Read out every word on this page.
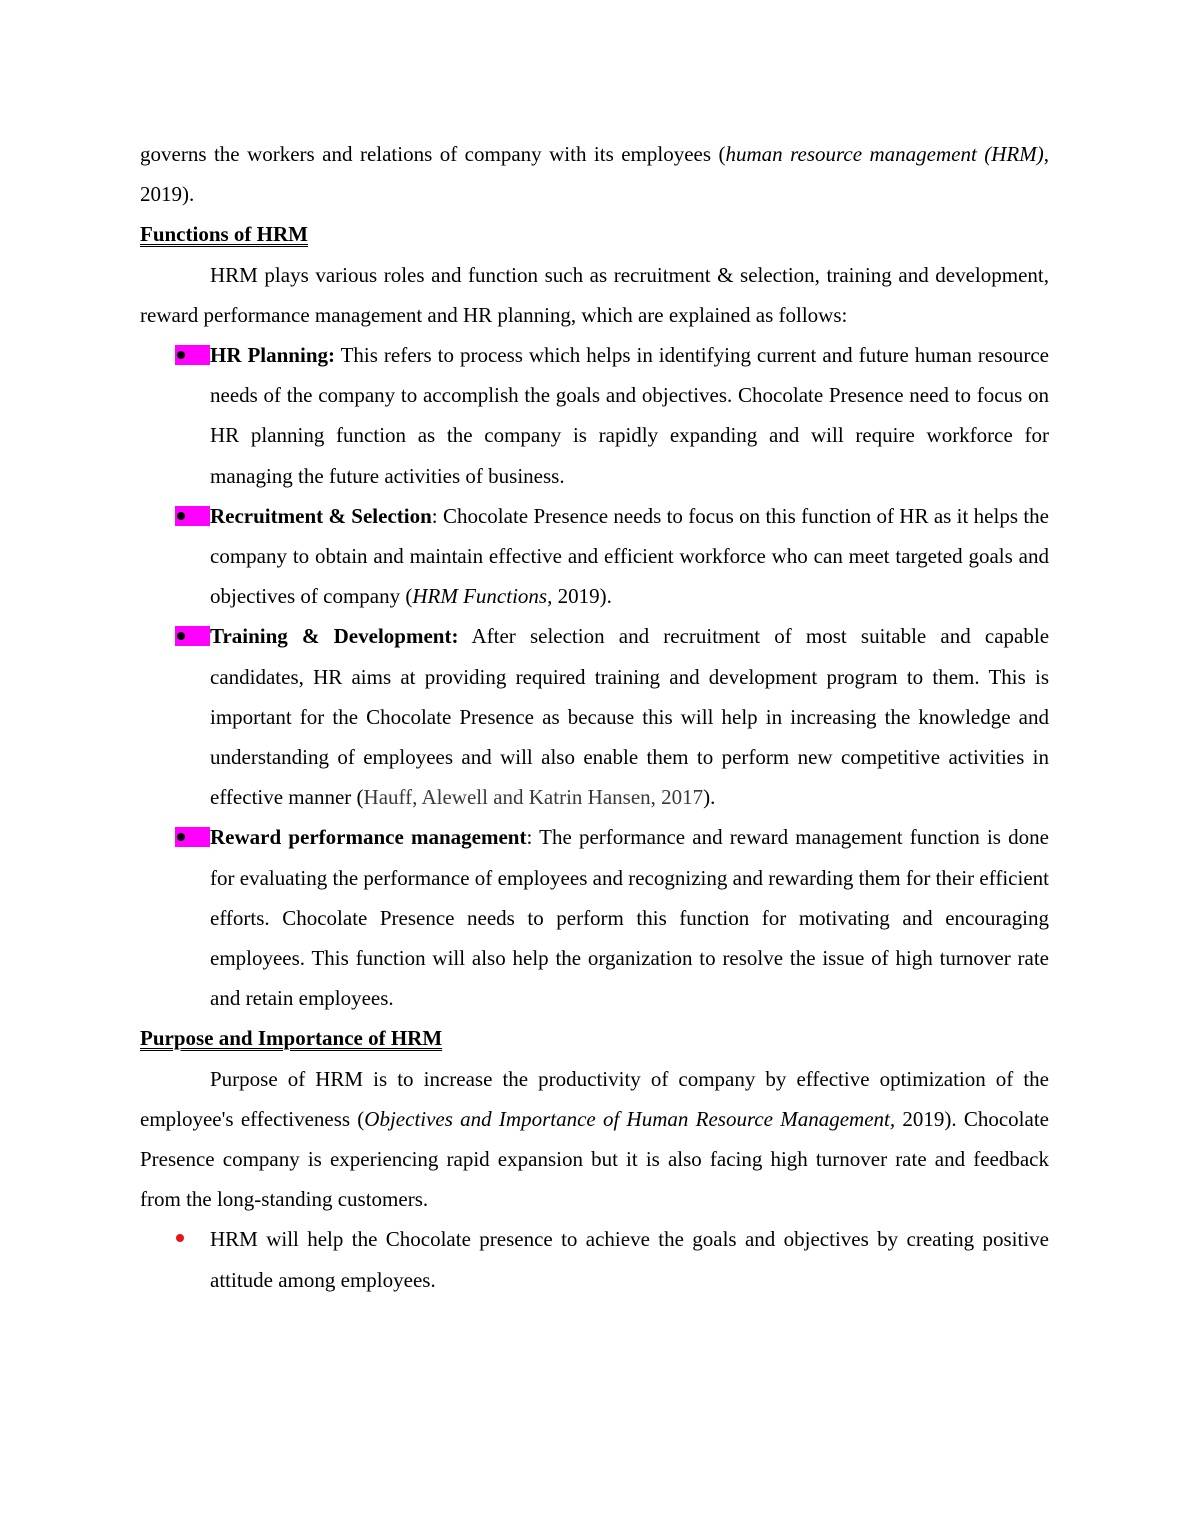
governs the workers and relations of company with its employees (human resource management (HRM), 2019).

Functions of HRM

HRM plays various roles and function such as recruitment & selection, training and development, reward performance management and HR planning, which are explained as follows:

HR Planning: This refers to process which helps in identifying current and future human resource needs of the company to accomplish the goals and objectives. Chocolate Presence need to focus on HR planning function as the company is rapidly expanding and will require workforce for managing the future activities of business.
Recruitment & Selection: Chocolate Presence needs to focus on this function of HR as it helps the company to obtain and maintain effective and efficient workforce who can meet targeted goals and objectives of company (HRM Functions, 2019).
Training & Development: After selection and recruitment of most suitable and capable candidates, HR aims at providing required training and development program to them. This is important for the Chocolate Presence as because this will help in increasing the knowledge and understanding of employees and will also enable them to perform new competitive activities in effective manner (Hauff, Alewell and Katrin Hansen, 2017).
Reward performance management: The performance and reward management function is done for evaluating the performance of employees and recognizing and rewarding them for their efficient efforts. Chocolate Presence needs to perform this function for motivating and encouraging employees. This function will also help the organization to resolve the issue of high turnover rate and retain employees.

Purpose and Importance of HRM

Purpose of HRM is to increase the productivity of company by effective optimization of the employee's effectiveness (Objectives and Importance of Human Resource Management, 2019). Chocolate Presence company is experiencing rapid expansion but it is also facing high turnover rate and feedback from the long-standing customers.

HRM will help the Chocolate presence to achieve the goals and objectives by creating positive attitude among employees.
